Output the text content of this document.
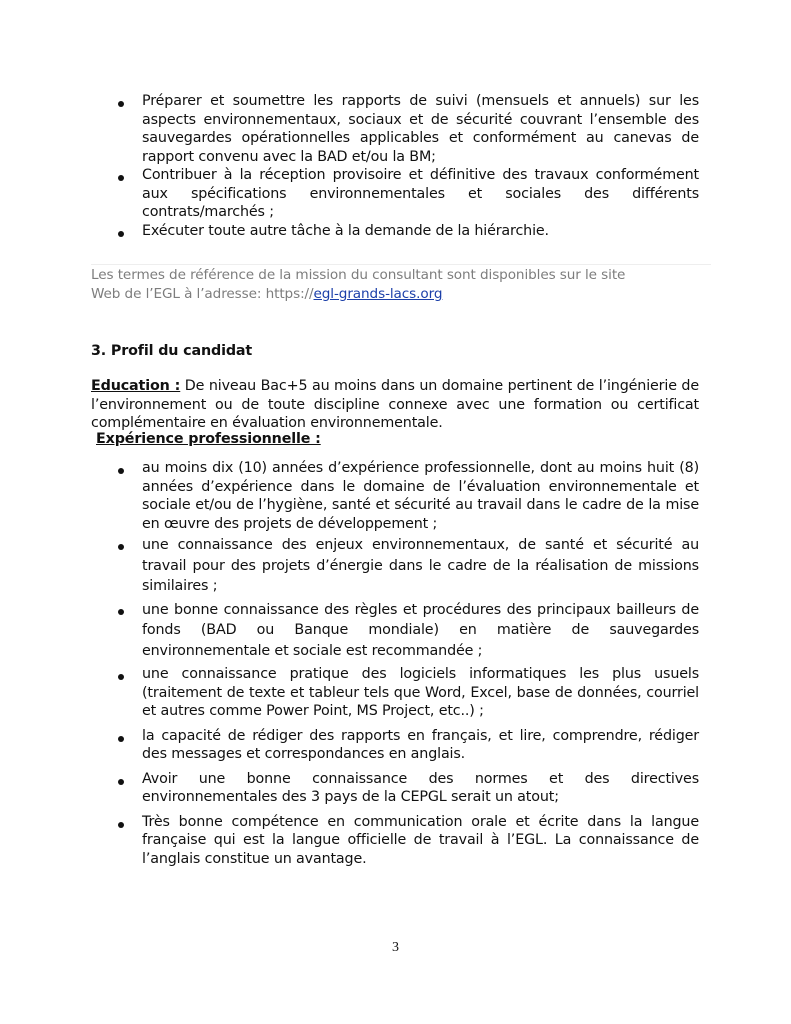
Préparer et soumettre les rapports de suivi (mensuels et annuels) sur les aspects environnementaux, sociaux et de sécurité couvrant l’ensemble des sauvegardes opérationnelles applicables et conformément au canevas de rapport convenu avec la BAD et/ou la BM;
Contribuer à la réception provisoire et définitive des travaux conformément aux spécifications environnementales et sociales des différents contrats/marchés ;
Exécuter toute autre tâche à la demande de la hiérarchie.
Les termes de référence de la mission du consultant sont disponibles sur le site
Web de l’EGL à l’adresse: https://egl-grands-lacs.org
3. Profil du candidat
Education : De niveau Bac+5 au moins dans un domaine pertinent de l’ingénierie de l’environnement ou de toute discipline connexe avec une formation ou certificat complémentaire en évaluation environnementale.
Expérience professionnelle :
au moins dix (10) années d’expérience professionnelle, dont au moins huit (8) années d’expérience dans le domaine de l’évaluation environnementale et sociale et/ou de l’hygiène, santé et sécurité au travail dans le cadre de la mise en œuvre des projets de développement ;
une connaissance des enjeux environnementaux, de santé et sécurité au travail pour des projets d’énergie dans le cadre de la réalisation de missions similaires ;
une bonne connaissance des règles et procédures des principaux bailleurs de fonds (BAD ou Banque mondiale) en matière de sauvegardes environnementale et sociale est recommandée ;
une connaissance pratique des logiciels informatiques les plus usuels (traitement de texte et tableur tels que Word, Excel, base de données, courriel et autres comme Power Point, MS Project, etc..) ;
la capacité de rédiger des rapports en français, et lire, comprendre, rédiger des messages et correspondances en anglais.
Avoir une bonne connaissance des normes et des directives environnementales des 3 pays de la CEPGL serait un atout;
Très bonne compétence en communication orale et écrite dans la langue française qui est la langue officielle de travail à l’EGL. La connaissance de l’anglais constitue un avantage.
3
